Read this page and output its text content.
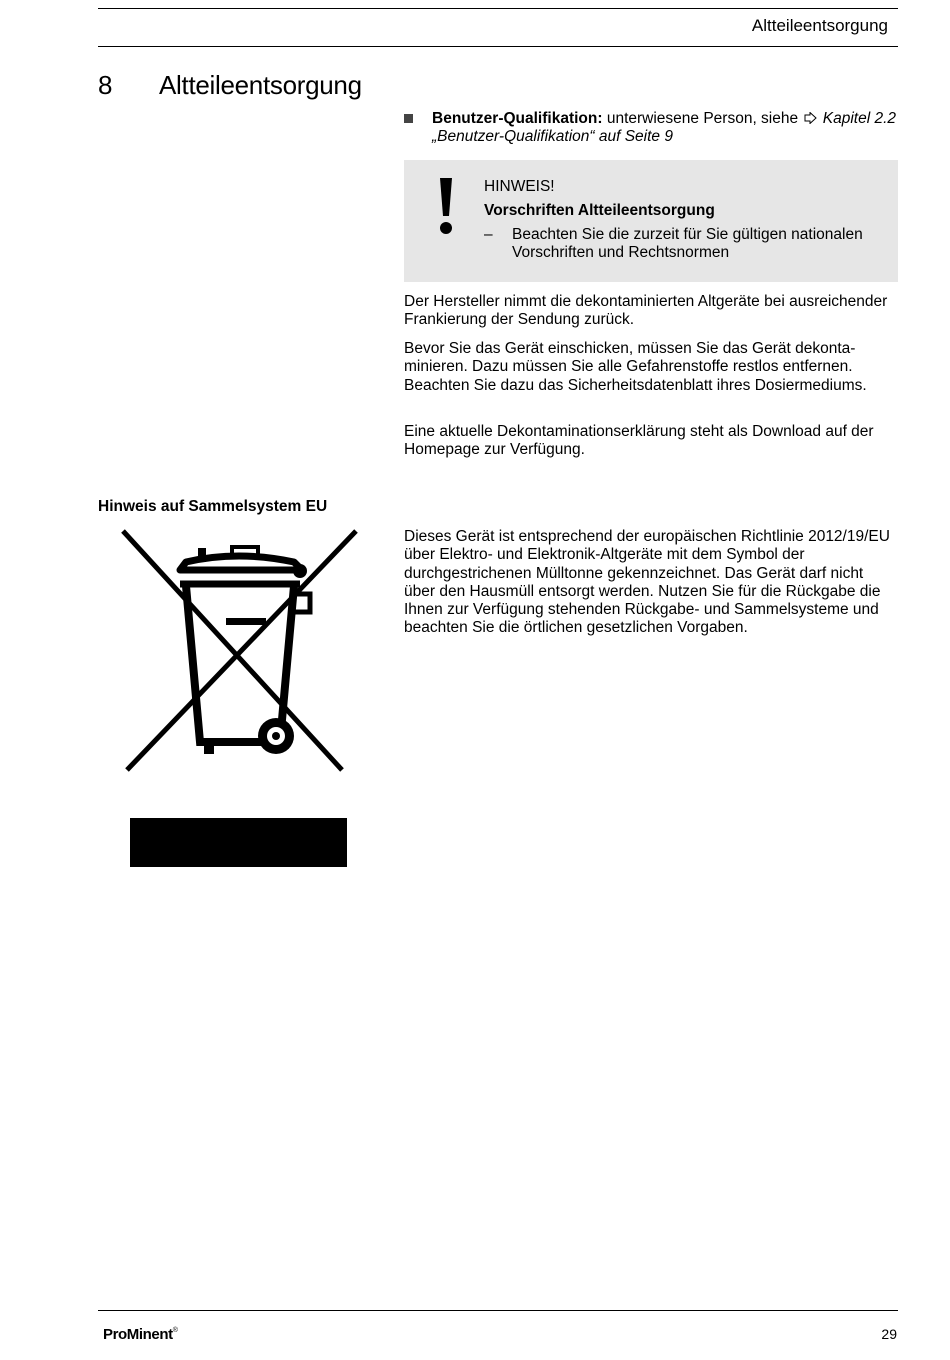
Altteileentsorgung
8 Altteileentsorgung
Benutzer-Qualifikation: unterwiesene Person, siehe Kapitel 2.2 „Benutzer-Qualifikation“ auf Seite 9
HINWEIS!
Vorschriften Altteileentsorgung
– Beachten Sie die zurzeit für Sie gültigen nationalen Vorschriften und Rechtsnormen
Der Hersteller nimmt die dekontaminierten Altgeräte bei ausreichender Frankierung der Sendung zurück.
Bevor Sie das Gerät einschicken, müssen Sie das Gerät dekontaminieren. Dazu müssen Sie alle Gefahrenstoffe restlos entfernen. Beachten Sie dazu das Sicherheitsdatenblatt ihres Dosiermediums.
Eine aktuelle Dekontaminationserklärung steht als Download auf der Homepage zur Verfügung.
Hinweis auf Sammelsystem EU
Dieses Gerät ist entsprechend der europäischen Richtlinie 2012/19/EU über Elektro- und Elektronik-Altgeräte mit dem Symbol der durchgestrichenen Mülltonne gekennzeichnet. Das Gerät darf nicht über den Hausmüll entsorgt werden. Nutzen Sie für die Rückgabe die Ihnen zur Verfügung stehenden Rückgabe- und Sammelsysteme und beachten Sie die örtlichen gesetzlichen Vorgaben.
ProMinent®	29
